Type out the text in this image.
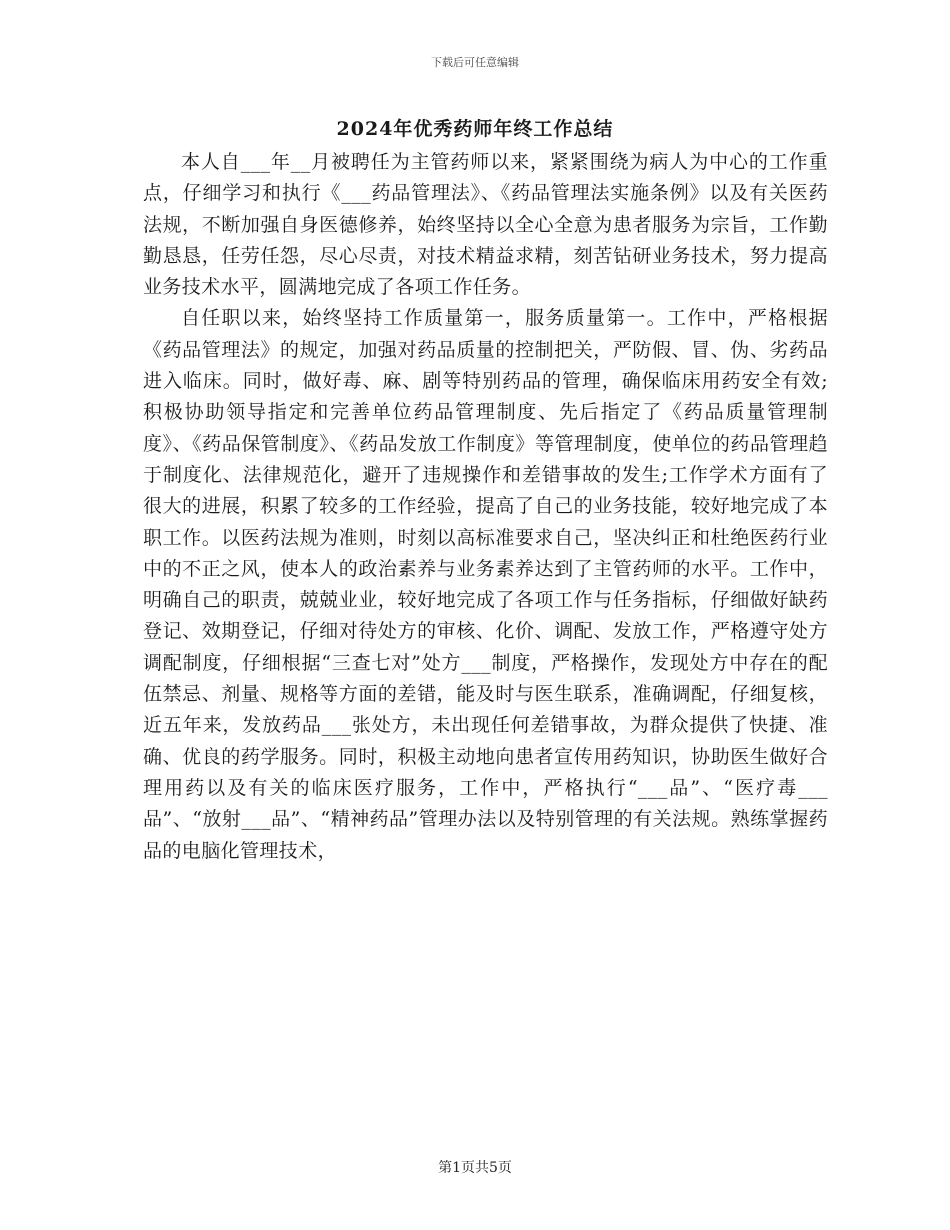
下载后可任意编辑
2024年优秀药师年终工作总结

本人自___年__月被聘任为主管药师以来，紧紧围绕为病人为中心的工作重点，仔细学习和执行《___药品管理法》、《药品管理法实施条例》以及有关医药法规，不断加强自身医德修养，始终坚持以全心全意为患者服务为宗旨，工作勤勤恳恳，任劳任怨，尽心尽责，对技术精益求精，刻苦钻研业务技术，努力提高业务技术水平，圆满地完成了各项工作任务。

自任职以来，始终坚持工作质量第一，服务质量第一。工作中，严格根据《药品管理法》的规定，加强对药品质量的控制把关，严防假、冒、伪、劣药品进入临床。同时，做好毒、麻、剧等特别药品的管理，确保临床用药安全有效;积极协助领导指定和完善单位药品管理制度、先后指定了《药品质量管理制度》、《药品保管制度》、《药品发放工作制度》等管理制度，使单位的药品管理趋于制度化、法律规范化，避开了违规操作和差错事故的发生;工作学术方面有了很大的进展，积累了较多的工作经验，提高了自己的业务技能，较好地完成了本职工作。以医药法规为准则，时刻以高标准要求自己，坚决纠正和杜绝医药行业中的不正之风，使本人的政治素养与业务素养达到了主管药师的水平。工作中，明确自己的职责，兢兢业业，较好地完成了各项工作与任务指标，仔细做好缺药登记、效期登记，仔细对待处方的审核、化价、调配、发放工作，严格遵守处方调配制度，仔细根据“三查七对”处方___制度，严格操作，发现处方中存在的配伍禁忌、剂量、规格等方面的差错，能及时与医生联系，准确调配，仔细复核，近五年来，发放药品___张处方，未出现任何差错事故，为群众提供了快捷、准确、优良的药学服务。同时，积极主动地向患者宣传用药知识，协助医生做好合理用药以及有关的临床医疗服务，工作中，严格执行“___品”、“医疗毒___品”、“放射___品”、“精神药品”管理办法以及特别管理的有关法规。熟练掌握药品的电脑化管理技术，

第1页共5页
